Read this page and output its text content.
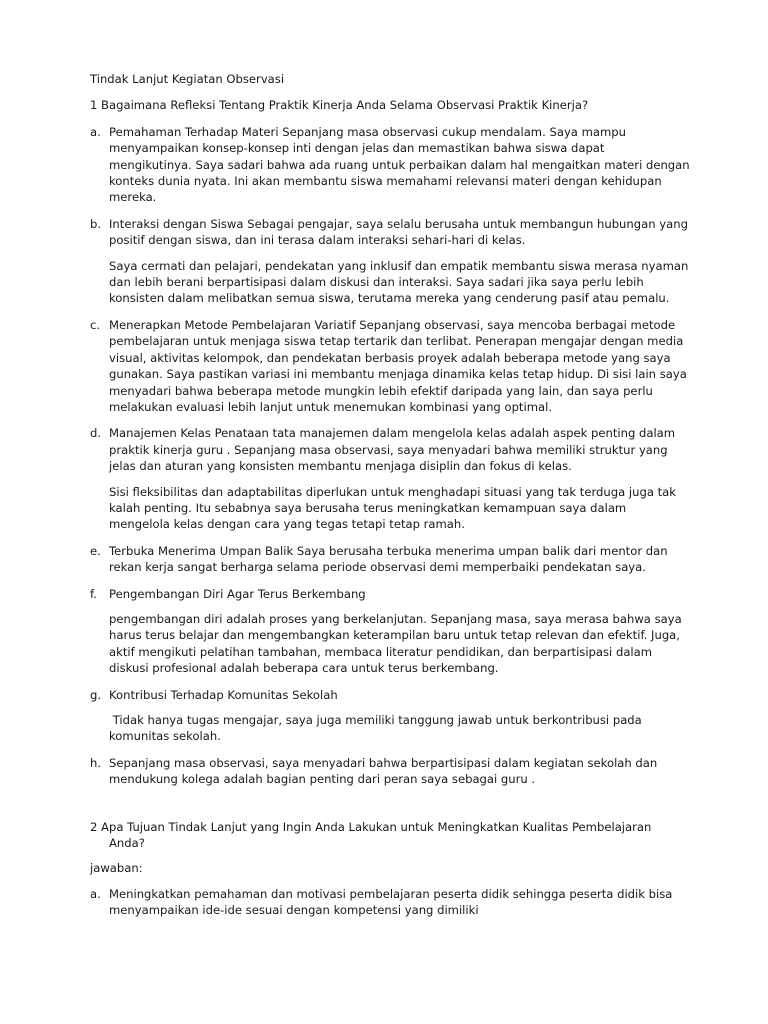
Tindak Lanjut Kegiatan Observasi

1 Bagaimana Refleksi Tentang Praktik Kinerja Anda Selama Observasi Praktik Kinerja?

a. Pemahaman Terhadap Materi Sepanjang masa observasi cukup mendalam. Saya mampu menyampaikan konsep-konsep inti dengan jelas dan memastikan bahwa siswa dapat mengikutinya. Saya sadari bahwa ada ruang untuk perbaikan dalam hal mengaitkan materi dengan konteks dunia nyata. Ini akan membantu siswa memahami relevansi materi dengan kehidupan mereka.

b. Interaksi dengan Siswa Sebagai pengajar, saya selalu berusaha untuk membangun hubungan yang positif dengan siswa, dan ini terasa dalam interaksi sehari-hari di kelas.

Saya cermati dan pelajari, pendekatan yang inklusif dan empatik membantu siswa merasa nyaman dan lebih berani berpartisipasi dalam diskusi dan interaksi. Saya sadari jika saya perlu lebih konsisten dalam melibatkan semua siswa, terutama mereka yang cenderung pasif atau pemalu.

c. Menerapkan Metode Pembelajaran Variatif Sepanjang observasi, saya mencoba berbagai metode pembelajaran untuk menjaga siswa tetap tertarik dan terlibat. Penerapan mengajar dengan media visual, aktivitas kelompok, dan pendekatan berbasis proyek adalah beberapa metode yang saya gunakan. Saya pastikan variasi ini membantu menjaga dinamika kelas tetap hidup. Di sisi lain saya menyadari bahwa beberapa metode mungkin lebih efektif daripada yang lain, dan saya perlu melakukan evaluasi lebih lanjut untuk menemukan kombinasi yang optimal.

d. Manajemen Kelas Penataan tata manajemen dalam mengelola kelas adalah aspek penting dalam praktik kinerja guru . Sepanjang masa observasi, saya menyadari bahwa memiliki struktur yang jelas dan aturan yang konsisten membantu menjaga disiplin dan fokus di kelas.

Sisi fleksibilitas dan adaptabilitas diperlukan untuk menghadapi situasi yang tak terduga juga tak kalah penting. Itu sebabnya saya berusaha terus meningkatkan kemampuan saya dalam mengelola kelas dengan cara yang tegas tetapi tetap ramah.

e. Terbuka Menerima Umpan Balik Saya berusaha terbuka menerima umpan balik dari mentor dan rekan kerja sangat berharga selama periode observasi demi memperbaiki pendekatan saya.

f. Pengembangan Diri Agar Terus Berkembang

pengembangan diri adalah proses yang berkelanjutan. Sepanjang masa, saya merasa bahwa saya harus terus belajar dan mengembangkan keterampilan baru untuk tetap relevan dan efektif. Juga, aktif mengikuti pelatihan tambahan, membaca literatur pendidikan, dan berpartisipasi dalam diskusi profesional adalah beberapa cara untuk terus berkembang.

g. Kontribusi Terhadap Komunitas Sekolah

Tidak hanya tugas mengajar, saya juga memiliki tanggung jawab untuk berkontribusi pada komunitas sekolah.

h. Sepanjang masa observasi, saya menyadari bahwa berpartisipasi dalam kegiatan sekolah dan mendukung kolega adalah bagian penting dari peran saya sebagai guru .

2 Apa Tujuan Tindak Lanjut yang Ingin Anda Lakukan untuk Meningkatkan Kualitas Pembelajaran Anda?

jawaban:

a. Meningkatkan pemahaman dan motivasi pembelajaran peserta didik sehingga peserta didik bisa menyampaikan ide-ide sesuai dengan kompetensi yang dimiliki
